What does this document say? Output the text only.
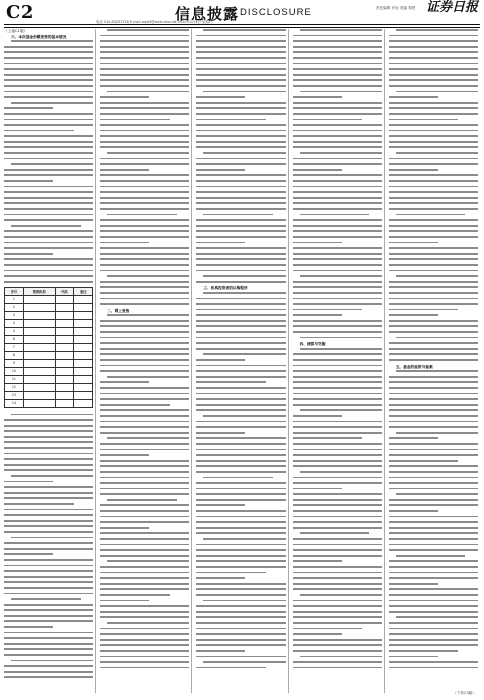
C2	信息披露 DISCLOSURE	责任编辑 肖岩 美编 郑楚 证券日报
电话 010-83251716 E-mail zqrb9@zqrb.sina.net 2020年1月4日 星期六

（上接C1版）

六、本次基金份额发售的基本情况

序号	销售机构	代码	备注
1			
2			
3			
4			
5			
6			
7			
8			
9			
10			
11			
12			
13			
14			

二、网上发售

三、机构投资者的认购程序

四、清算与交割

五、基金的验资与备案

（下转C3版）
